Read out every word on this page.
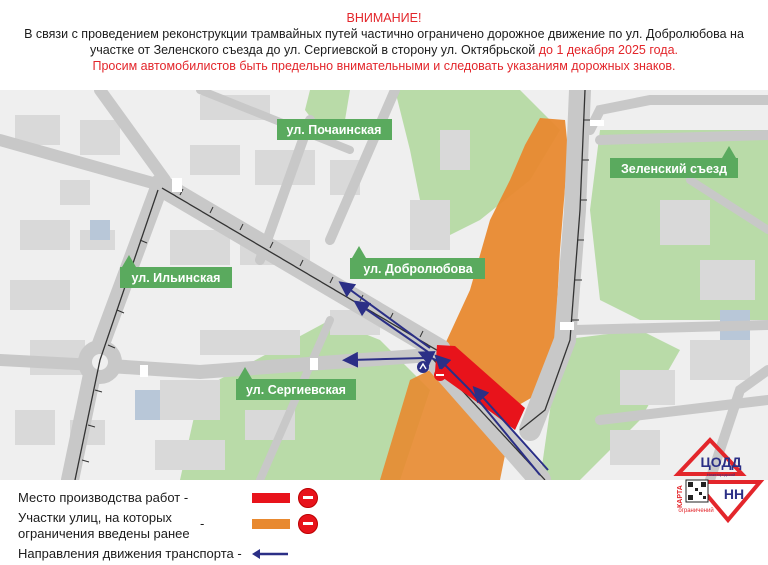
ВНИМАНИЕ!
В связи с проведением реконструкции трамвайных путей частично ограничено дорожное движение по ул. Добролюбова на
участке от Зеленского съезда до ул. Сергиевской в сторону ул. Октябрьской до 1 декабря 2025 года.
Просим автомобилистов быть предельно внимательными и следовать указаниям дорожных знаков.
ул. Почаинская
Зеленский съезд
ул. Ильинская
ул. Добролюбова
ул. Сергиевская
Место производства работ -
Участки улиц, на которых
ограничения введены ранее
-
Направления движения транспорта -
ЦОДД
НН
Нижегородской
КАРТА
ограничений
